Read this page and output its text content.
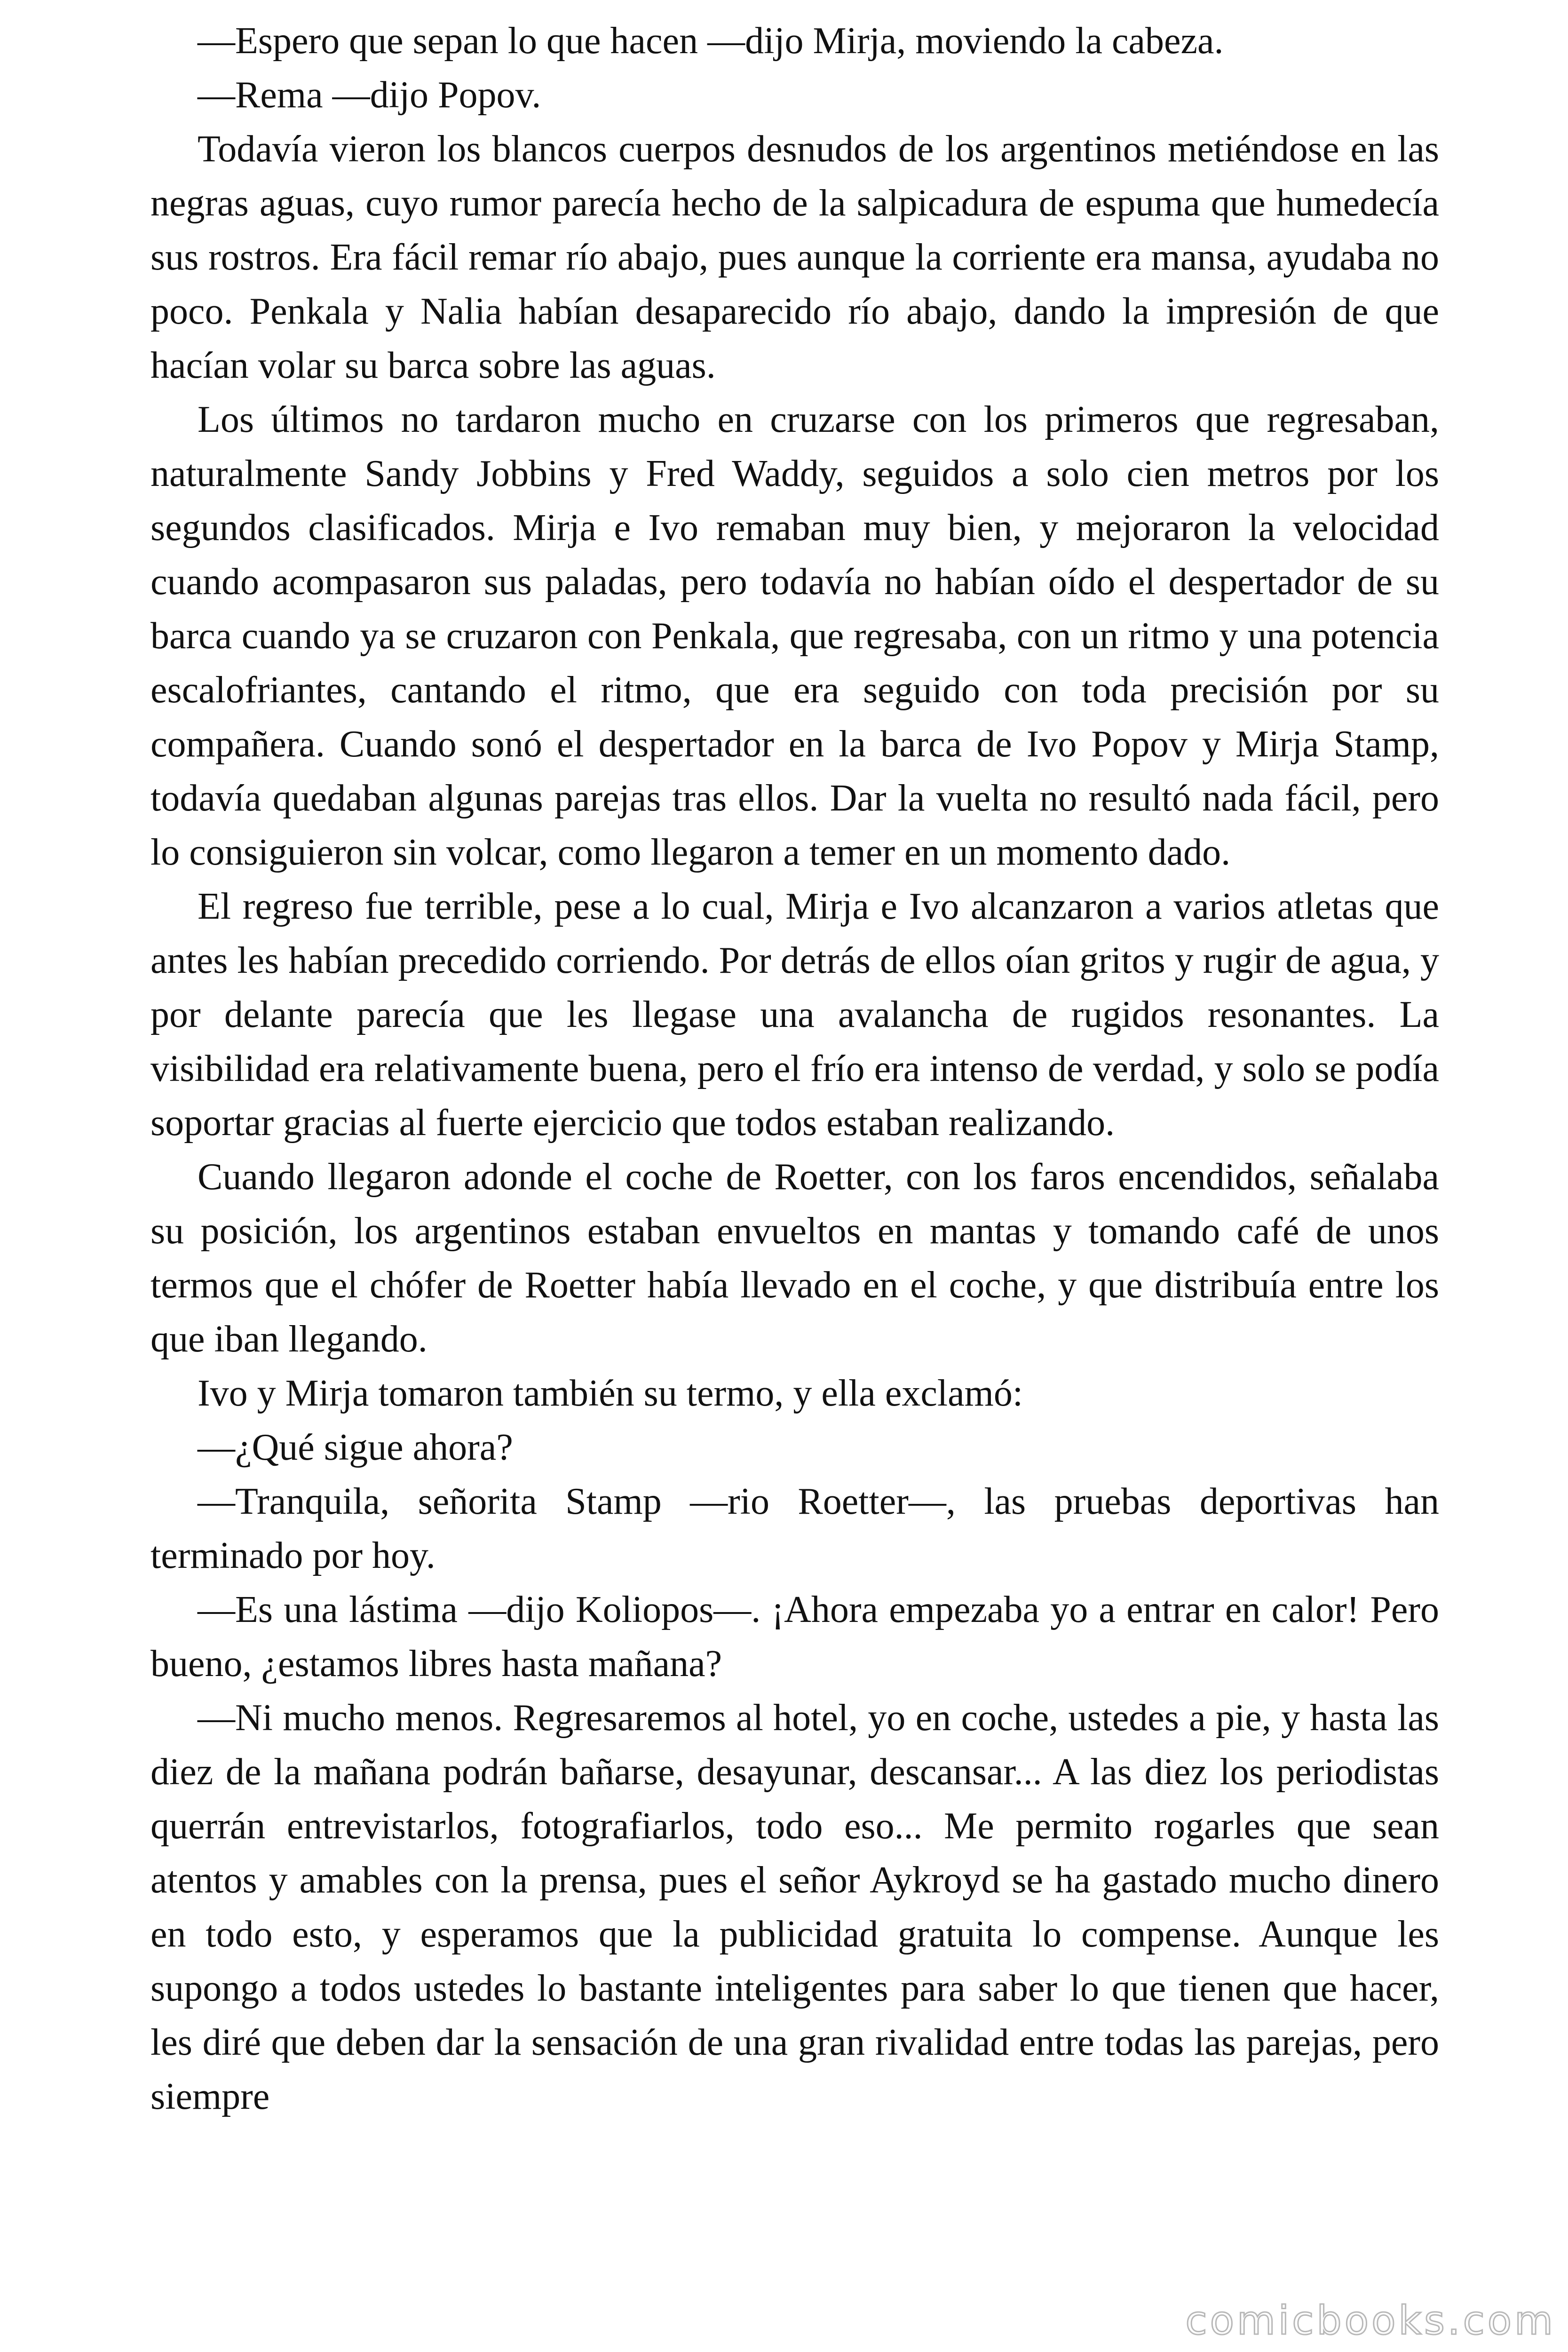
—Espero que sepan lo que hacen —dijo Mirja, moviendo la cabeza.

—Rema —dijo Popov.

Todavía vieron los blancos cuerpos desnudos de los argentinos metiéndose en las negras aguas, cuyo rumor parecía hecho de la salpicadura de espuma que humedecía sus rostros. Era fácil remar río abajo, pues aunque la corriente era mansa, ayudaba no poco. Penkala y Nalia habían desaparecido río abajo, dando la impresión de que hacían volar su barca sobre las aguas.

Los últimos no tardaron mucho en cruzarse con los primeros que regresaban, naturalmente Sandy Jobbins y Fred Waddy, seguidos a solo cien metros por los segundos clasificados. Mirja e Ivo remaban muy bien, y mejoraron la velocidad cuando acompasaron sus paladas, pero todavía no habían oído el despertador de su barca cuando ya se cruzaron con Penkala, que regresaba, con un ritmo y una potencia escalofriantes, cantando el ritmo, que era seguido con toda precisión por su compañera. Cuando sonó el despertador en la barca de Ivo Popov y Mirja Stamp, todavía quedaban algunas parejas tras ellos. Dar la vuelta no resultó nada fácil, pero lo consiguieron sin volcar, como llegaron a temer en un momento dado.

El regreso fue terrible, pese a lo cual, Mirja e Ivo alcanzaron a varios atletas que antes les habían precedido corriendo. Por detrás de ellos oían gritos y rugir de agua, y por delante parecía que les llegase una avalancha de rugidos resonantes. La visibilidad era relativamente buena, pero el frío era intenso de verdad, y solo se podía soportar gracias al fuerte ejercicio que todos estaban realizando.

Cuando llegaron adonde el coche de Roetter, con los faros encendidos, señalaba su posición, los argentinos estaban envueltos en mantas y tomando café de unos termos que el chófer de Roetter había llevado en el coche, y que distribuía entre los que iban llegando.

Ivo y Mirja tomaron también su termo, y ella exclamó:

—¿Qué sigue ahora?

—Tranquila, señorita Stamp —rio Roetter—, las pruebas deportivas han terminado por hoy.

—Es una lástima —dijo Koliopos—. ¡Ahora empezaba yo a entrar en calor! Pero bueno, ¿estamos libres hasta mañana?

—Ni mucho menos. Regresaremos al hotel, yo en coche, ustedes a pie, y hasta las diez de la mañana podrán bañarse, desayunar, descansar... A las diez los periodistas querrán entrevistarlos, fotografiarlos, todo eso... Me permito rogarles que sean atentos y amables con la prensa, pues el señor Aykroyd se ha gastado mucho dinero en todo esto, y esperamos que la publicidad gratuita lo compense. Aunque les supongo a todos ustedes lo bastante inteligentes para saber lo que tienen que hacer, les diré que deben dar la sensación de una gran rivalidad entre todas las parejas, pero siempre

comicbooks.com
